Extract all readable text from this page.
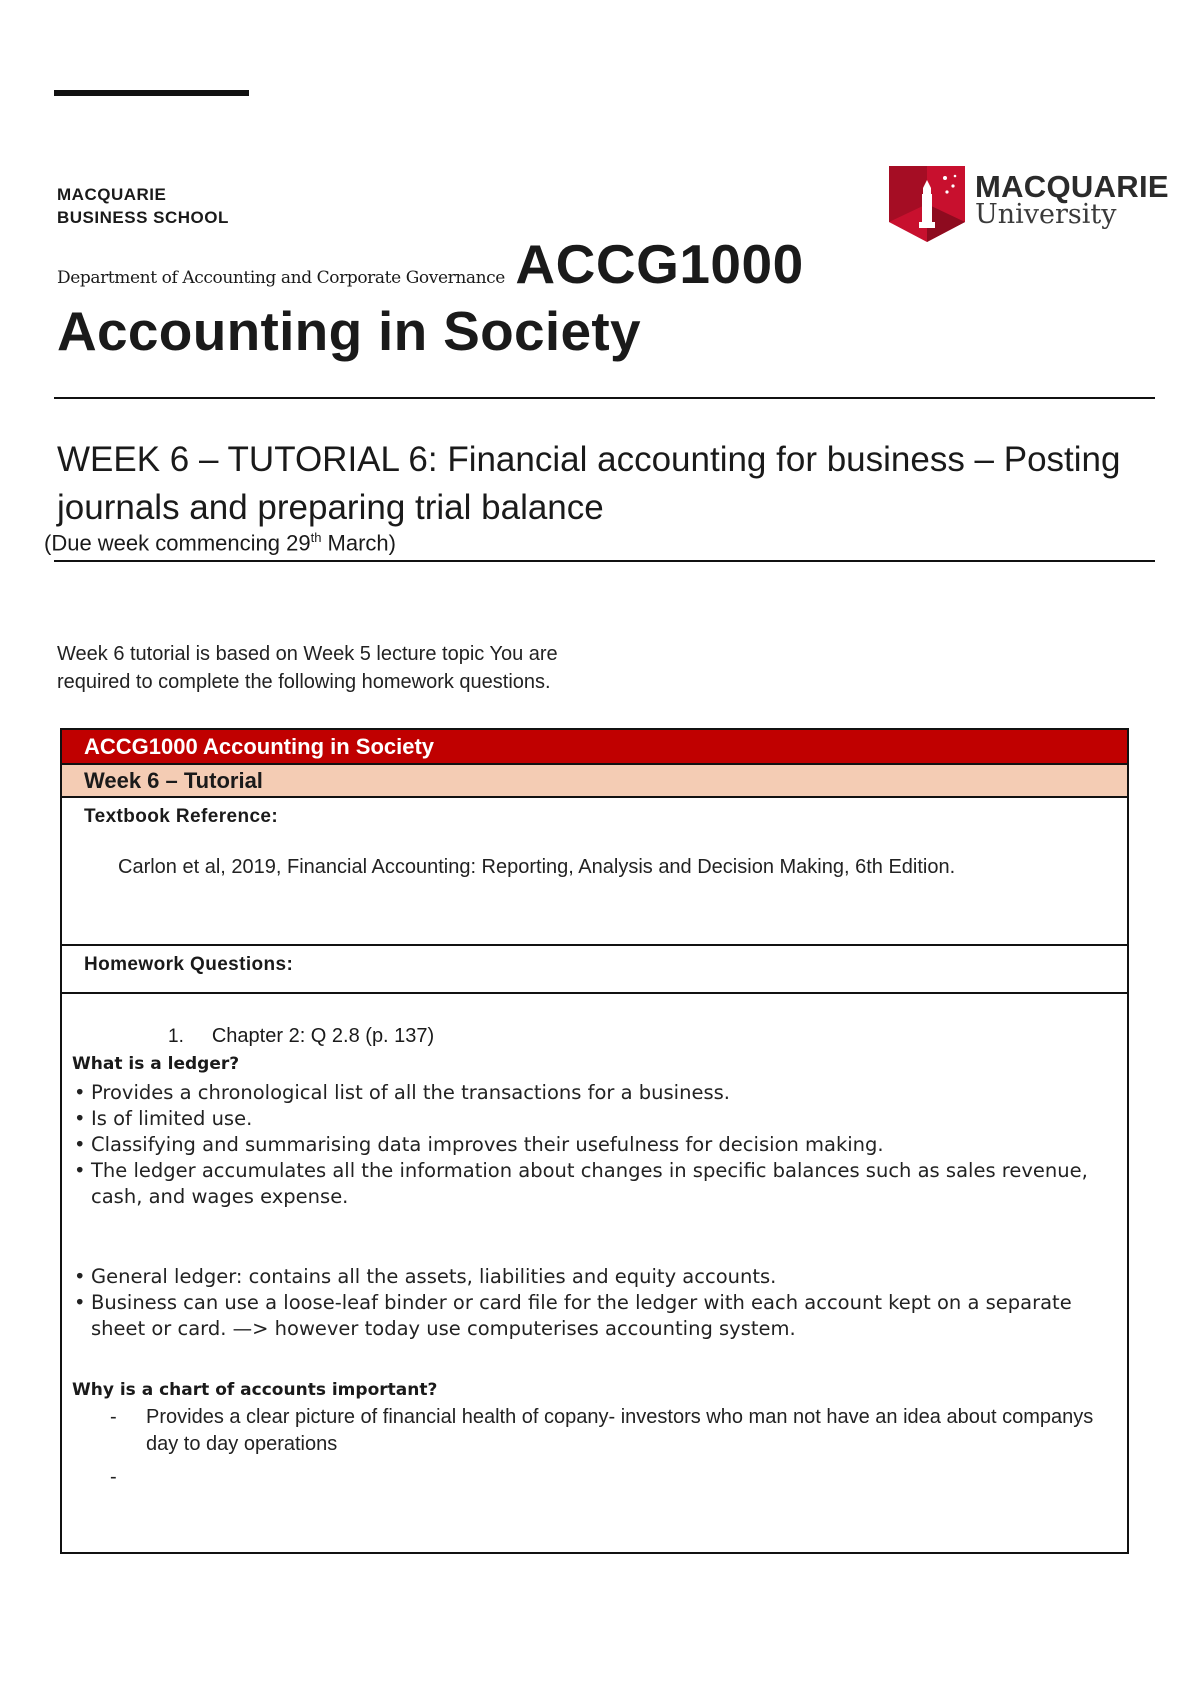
MACQUARIE
BUSINESS SCHOOL
MACQUARIE
University
Department of Accounting and Corporate Governance ACCG1000
Accounting in Society
WEEK 6 – TUTORIAL 6: Financial accounting for business – Posting journals and preparing trial balance
(Due week commencing 29th March)
Week 6 tutorial is based on Week 5 lecture topic You are
required to complete the following homework questions.
ACCG1000 Accounting in Society
Week 6 – Tutorial
Textbook Reference:
Carlon et al, 2019, Financial Accounting: Reporting, Analysis and Decision Making, 6th Edition.
Homework Questions:
1. Chapter 2: Q 2.8 (p. 137)
What is a ledger?
• Provides a chronological list of all the transactions for a business.
• Is of limited use.
• Classifying and summarising data improves their usefulness for decision making.
• The ledger accumulates all the information about changes in specific balances such as sales revenue, cash, and wages expense.
• General ledger: contains all the assets, liabilities and equity accounts.
• Business can use a loose-leaf binder or card file for the ledger with each account kept on a separate sheet or card. —> however today use computerises accounting system.
Why is a chart of accounts important?
- Provides a clear picture of financial health of copany- investors who man not have an idea about companys day to day operations
-
